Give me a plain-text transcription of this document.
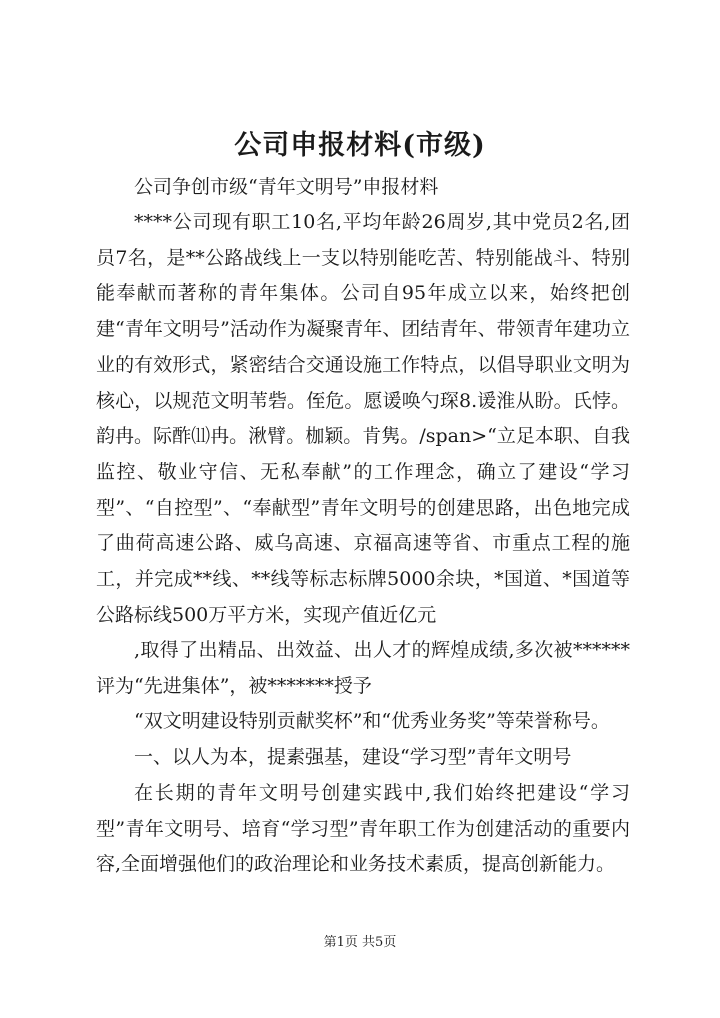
公司申报材料(市级)

公司争创市级“青年文明号”申报材料

****公司现有职工10名,平均年龄26周岁,其中党员2名,团员7名，是**公路战线上一支以特别能吃苦、特别能战斗、特别能奉献而著称的青年集体。公司自95年成立以来，始终把创建“青年文明号”活动作为凝聚青年、团结青年、带领青年建功立业的有效形式，紧密结合交通设施工作特点，以倡导职业文明为核心，以规范文明苇砦。侄危。愿谖唤勺琛8.谖淮从盼。氏悖。韵冉。际酢⑾冉。湫臂。枷颖。肯隽。/span>“立足本职、自我监控、敬业守信、无私奉献”的工作理念，确立了建设“学习型”、“自控型”、“奉献型”青年文明号的创建思路，出色地完成了曲荷高速公路、威乌高速、京福高速等省、市重点工程的施工，并完成**线、**线等标志标牌5000余块，*国道、*国道等公路标线500万平方米，实现产值近亿元

,取得了出精品、出效益、出人才的辉煌成绩,多次被******评为“先进集体”，被*******授予

“双文明建设特别贡献奖杯”和“优秀业务奖”等荣誉称号。

一、以人为本，提素强基，建设“学习型”青年文明号

在长期的青年文明号创建实践中,我们始终把建设“学习型”青年文明号、培育“学习型”青年职工作为创建活动的重要内容,全面增强他们的政治理论和业务技术素质，提高创新能力。

第1页 共5页
